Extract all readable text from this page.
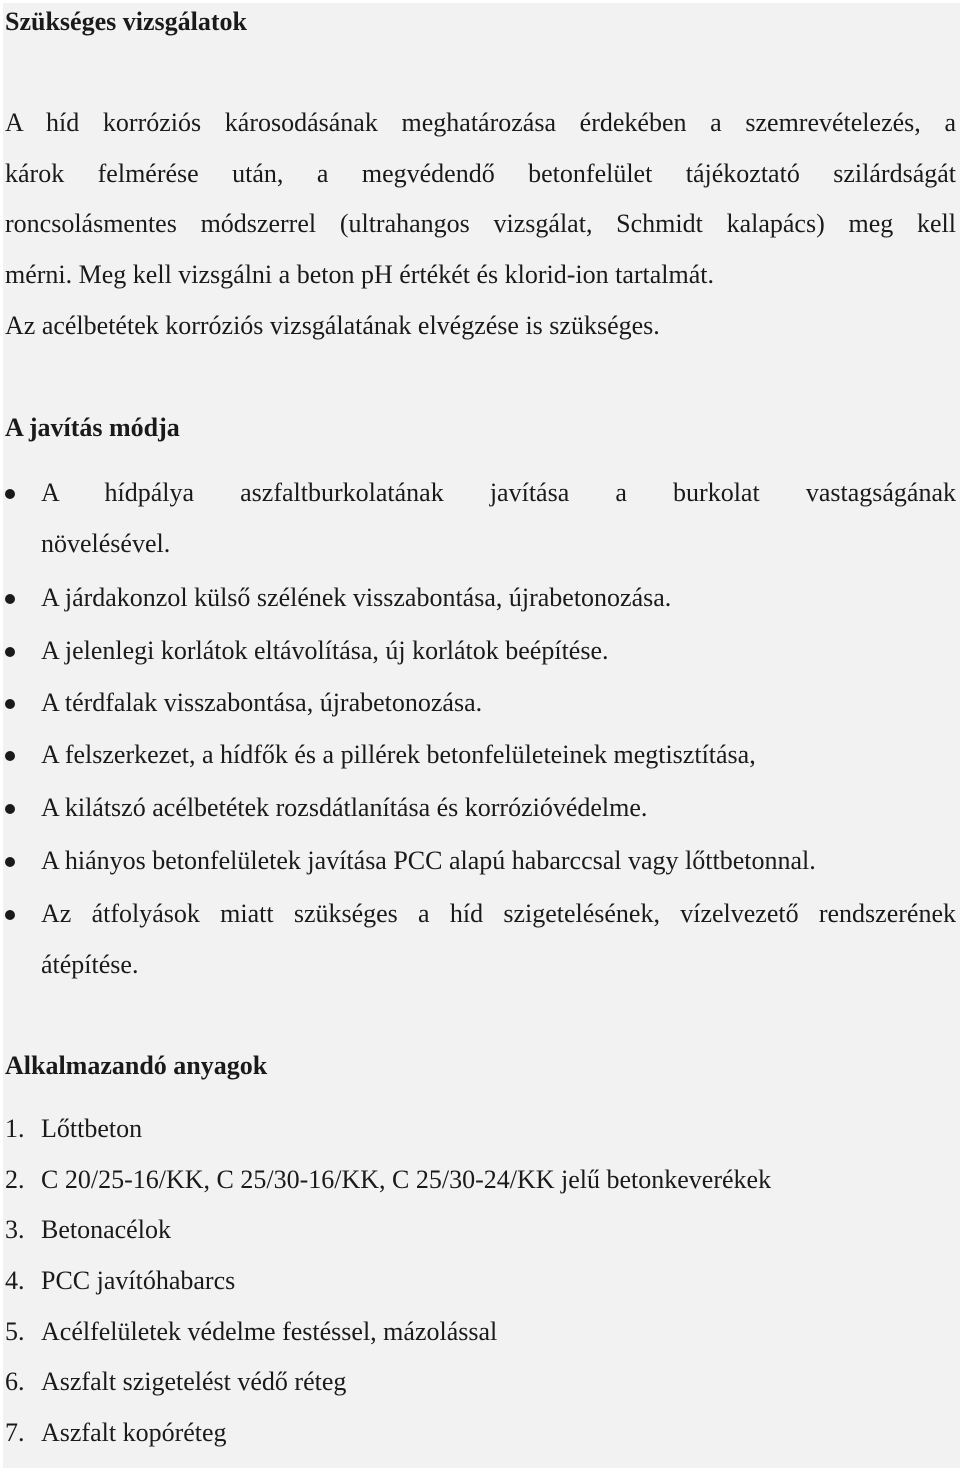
Szükséges vizsgálatok

A híd korróziós károsodásának meghatározása érdekében a szemrevételezés, a

károk felmérése után, a megvédendő betonfelület tájékoztató szilárdságát

roncsolásmentes módszerrel (ultrahangos vizsgálat, Schmidt kalapács) meg kell

mérni. Meg kell vizsgálni a beton pH értékét és klorid-ion tartalmát.

Az acélbetétek korróziós vizsgálatának elvégzése is szükséges.

A javítás módja

A hídpálya aszfaltburkolatának javítása a burkolat vastagságának

növelésével.

A járdakonzol külső szélének visszabontása, újrabetonozása.

A jelenlegi korlátok eltávolítása, új korlátok beépítése.

A térdfalak visszabontása, újrabetonozása.

A felszerkezet, a hídfők és a pillérek betonfelületeinek megtisztítása,

A kilátszó acélbetétek rozsdátlanítása és korrózióvédelme.

A hiányos betonfelületek javítása PCC alapú habarccsal vagy lőttbetonnal.

Az átfolyások miatt szükséges a híd szigetelésének, vízelvezető rendszerének

átépítése.

Alkalmazandó anyagok

1. Lőttbeton

2. C 20/25-16/KK, C 25/30-16/KK, C 25/30-24/KK jelű betonkeverékek

3. Betonacélok

4. PCC javítóhabarcs

5. Acélfelületek védelme festéssel, mázolással

6. Aszfalt szigetelést védő réteg

7. Aszfalt kopóréteg
